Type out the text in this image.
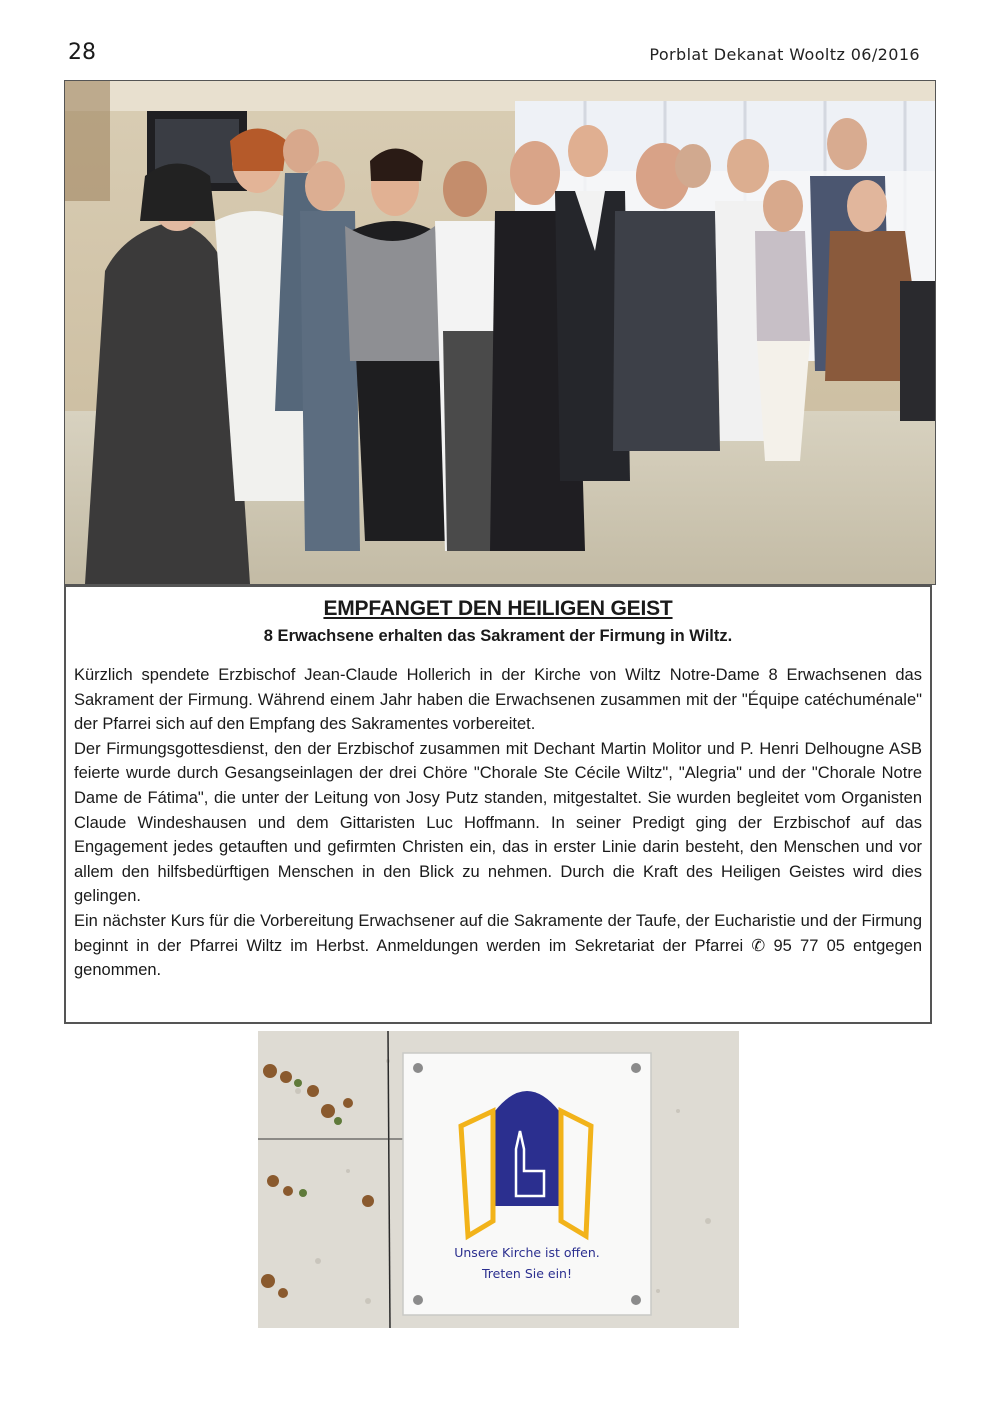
28	Porblat Dekanat Wooltz 06/2016
EMPFANGET DEN HEILIGEN GEIST
8 Erwachsene erhalten das Sakrament der Firmung in Wiltz.

Kürzlich spendete Erzbischof Jean-Claude Hollerich in der Kirche von Wiltz Notre-Dame 8 Erwachsenen das Sakrament der Firmung. Während einem Jahr haben die Erwachsenen zusammen mit der "Équipe catéchuménale" der Pfarrei sich auf den Empfang des Sakramentes vorbereitet.

Der Firmungsgottesdienst, den der Erzbischof zusammen mit Dechant Martin Molitor und P. Henri Delhougne ASB feierte wurde durch Gesangseinlagen der drei Chöre "Chorale Ste Cécile Wiltz", "Alegria" und der "Chorale Notre Dame de Fátima", die unter der Leitung von Josy Putz standen, mitgestaltet. Sie wurden begleitet vom Organisten Claude Windeshausen und dem Gittaristen Luc Hoffmann. In seiner Predigt ging der Erzbischof auf das Engagement jedes getauften und gefirmten Christen ein, das in erster Linie darin besteht, den Menschen und vor allem den hilfsbedürftigen Menschen in den Blick zu nehmen. Durch die Kraft des Heiligen Geistes wird dies gelingen.

Ein nächster Kurs für die Vorbereitung Erwachsener auf die Sakramente der Taufe, der Eucharistie und der Firmung beginnt in der Pfarrei Wiltz im Herbst. Anmeldungen werden im Sekretariat der Pfarrei ✆ 95 77 05 entgegen genommen.

Unsere Kirche ist offen.
Treten Sie ein!
